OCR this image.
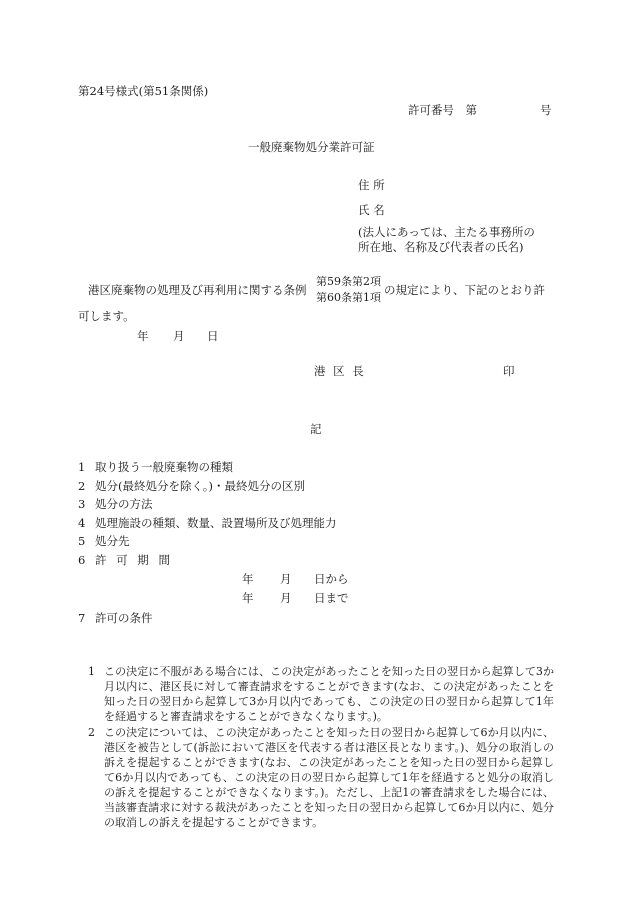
第24号様式(第51条関係)
許可番号　第	号
一般廃棄物処分業許可証
住 所
氏 名
(法人にあっては、主たる事務所の
所在地、名称及び代表者の氏名)
港区廃棄物の処理及び再利用に関する条例
第59条第2項
第60条第1項
の規定により、下記のとおり許
可します。
年 月 日
港 区 長	印
記
1 取り扱う一般廃棄物の種類
2 処分(最終処分を除く。)・最終処分の区別
3 処分の方法
4 処理施設の種類、数量、設置場所及び処理能力
5 処分先
6 許 可 期 間
年 月 日から
年 月 日まで
7 許可の条件
1 この決定に不服がある場合には、この決定があったことを知った日の翌日から起算して3か月以内に、港区長に対して審査請求をすることができます(なお、この決定があったことを知った日の翌日から起算して3か月以内であっても、この決定の日の翌日から起算して1年を経過すると審査請求をすることができなくなります。)。
2 この決定については、この決定があったことを知った日の翌日から起算して6か月以内に、港区を被告として(訴訟において港区を代表する者は港区長となります。)、処分の取消しの訴えを提起することができます(なお、この決定があったことを知った日の翌日から起算して6か月以内であっても、この決定の日の翌日から起算して1年を経過すると処分の取消しの訴えを提起することができなくなります。)。ただし、上記1の審査請求をした場合には、当該審査請求に対する裁決があったことを知った日の翌日から起算して6か月以内に、処分の取消しの訴えを提起することができます。
